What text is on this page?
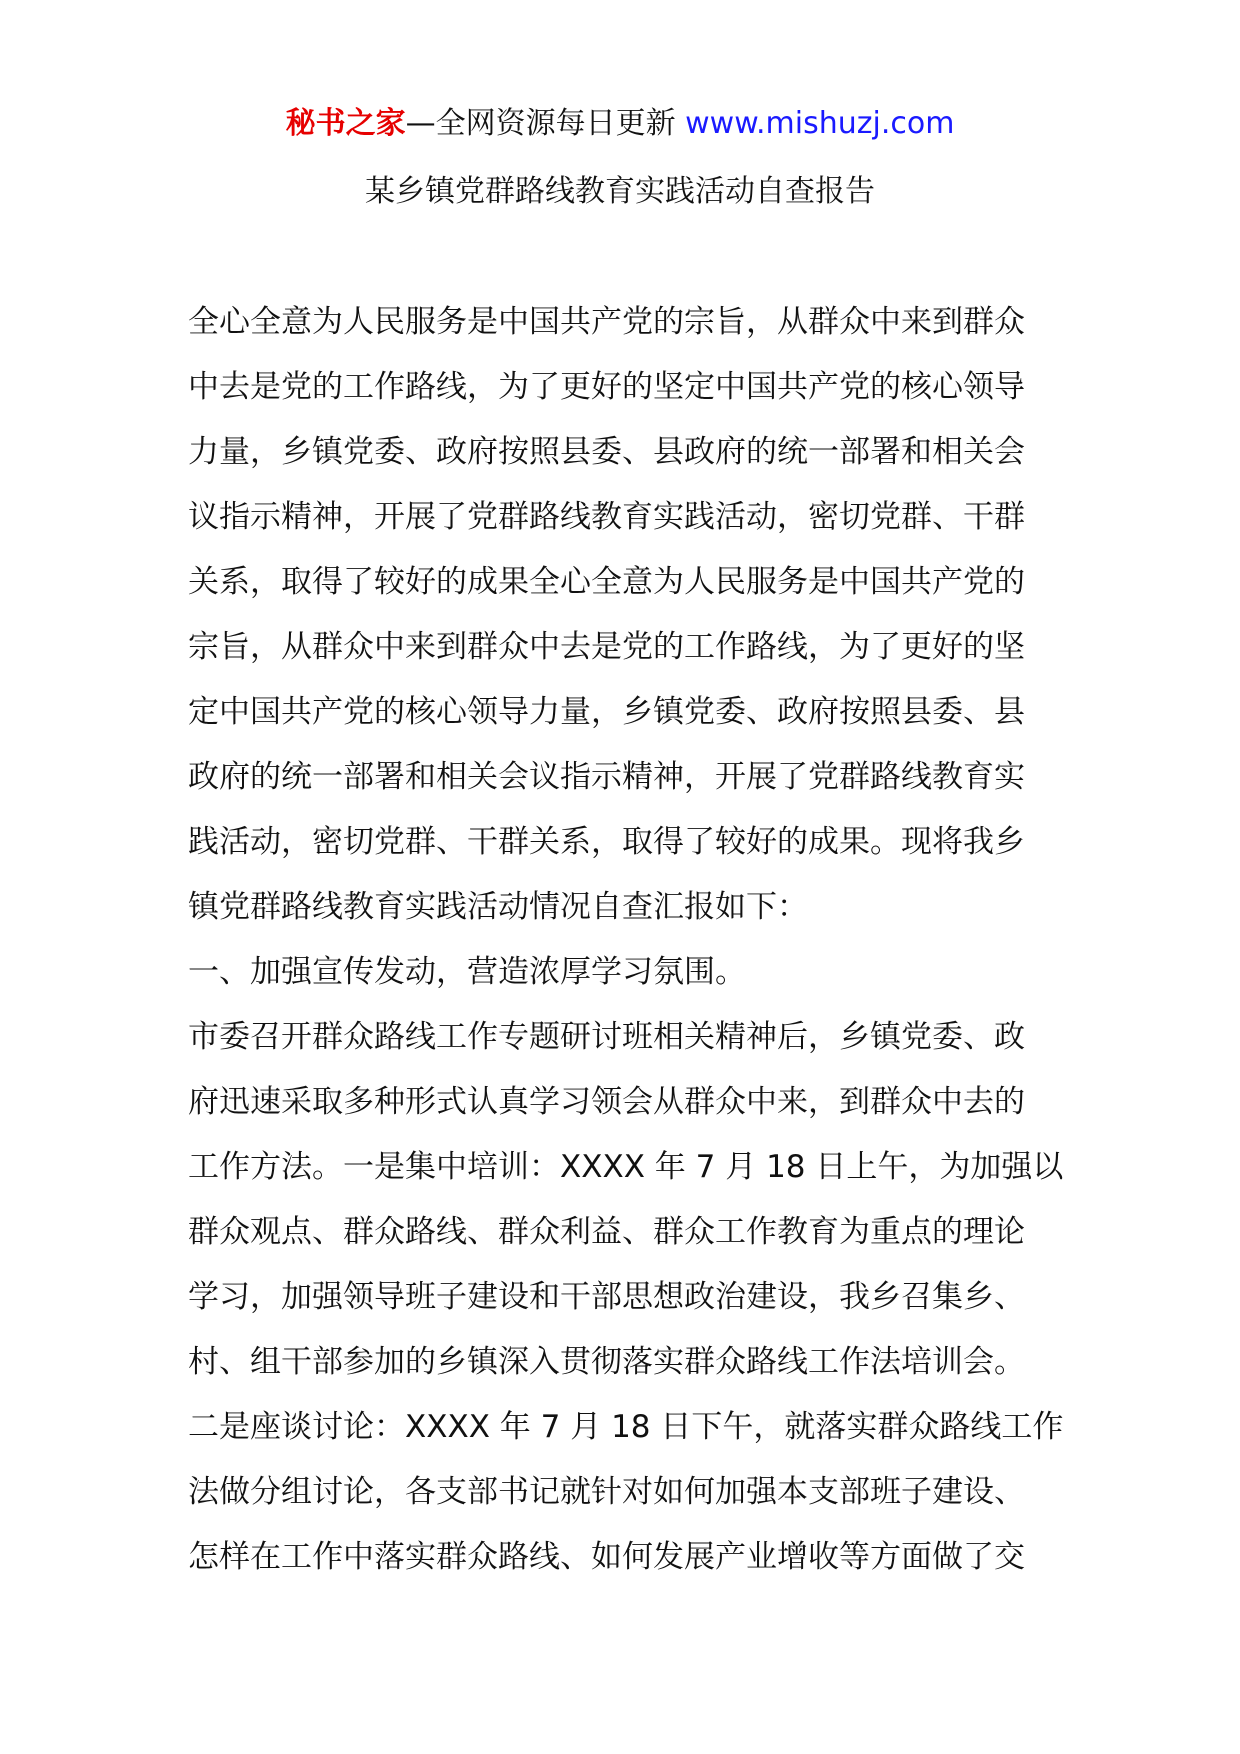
秘书之家—全网资源每日更新 www.mishuzj.com
某乡镇党群路线教育实践活动自查报告
全心全意为人民服务是中国共产党的宗旨，从群众中来到群众
中去是党的工作路线，为了更好的坚定中国共产党的核心领导
力量，乡镇党委、政府按照县委、县政府的统一部署和相关会
议指示精神，开展了党群路线教育实践活动，密切党群、干群
关系，取得了较好的成果全心全意为人民服务是中国共产党的
宗旨，从群众中来到群众中去是党的工作路线，为了更好的坚
定中国共产党的核心领导力量，乡镇党委、政府按照县委、县
政府的统一部署和相关会议指示精神，开展了党群路线教育实
践活动，密切党群、干群关系，取得了较好的成果。现将我乡
镇党群路线教育实践活动情况自查汇报如下：
一、加强宣传发动，营造浓厚学习氛围。
市委召开群众路线工作专题研讨班相关精神后，乡镇党委、政
府迅速采取多种形式认真学习领会从群众中来，到群众中去的
工作方法。一是集中培训：XXXX 年 7 月 18 日上午，为加强以
群众观点、群众路线、群众利益、群众工作教育为重点的理论
学习，加强领导班子建设和干部思想政治建设，我乡召集乡、
村、组干部参加的乡镇深入贯彻落实群众路线工作法培训会。
二是座谈讨论：XXXX 年 7 月 18 日下午，就落实群众路线工作
法做分组讨论，各支部书记就针对如何加强本支部班子建设、
怎样在工作中落实群众路线、如何发展产业增收等方面做了交
